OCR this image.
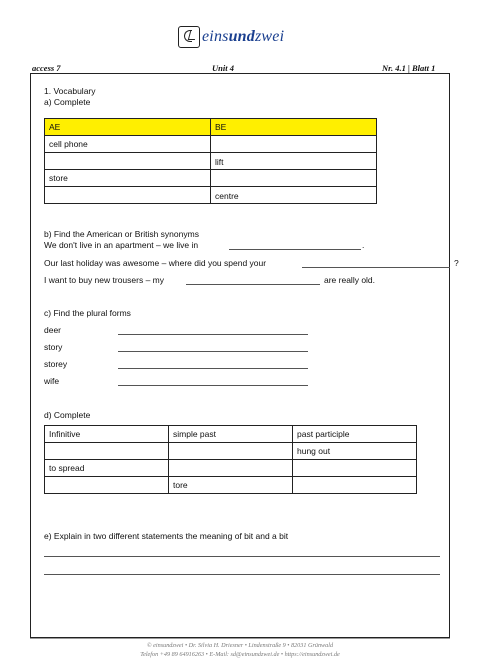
einsundzwei
access 7	Unit 4	Nr. 4.1 | Blatt 1
1. Vocabulary
a) Complete
AE	BE
cell phone	
	lift
store	
	centre
b) Find the American or British synonyms
We don't live in an apartment – we live in	.
Our last holiday was awesome – where did you spend your	?
I want to buy new trousers – my	are really old.
c) Find the plural forms
deer
story
storey
wife
d) Complete
Infinitive	simple past	past participle
		hung out
to spread		
	tore	
e) Explain in two different statements the meaning of bit and a bit
© einsundzwei • Dr. Silvia H. Driesner • Lindenstraße 9 • 82031 Grünwald
Telefon +49 89 64916263 • E-Mail: sd@einsundzwei.de • https://einsundzwei.de
